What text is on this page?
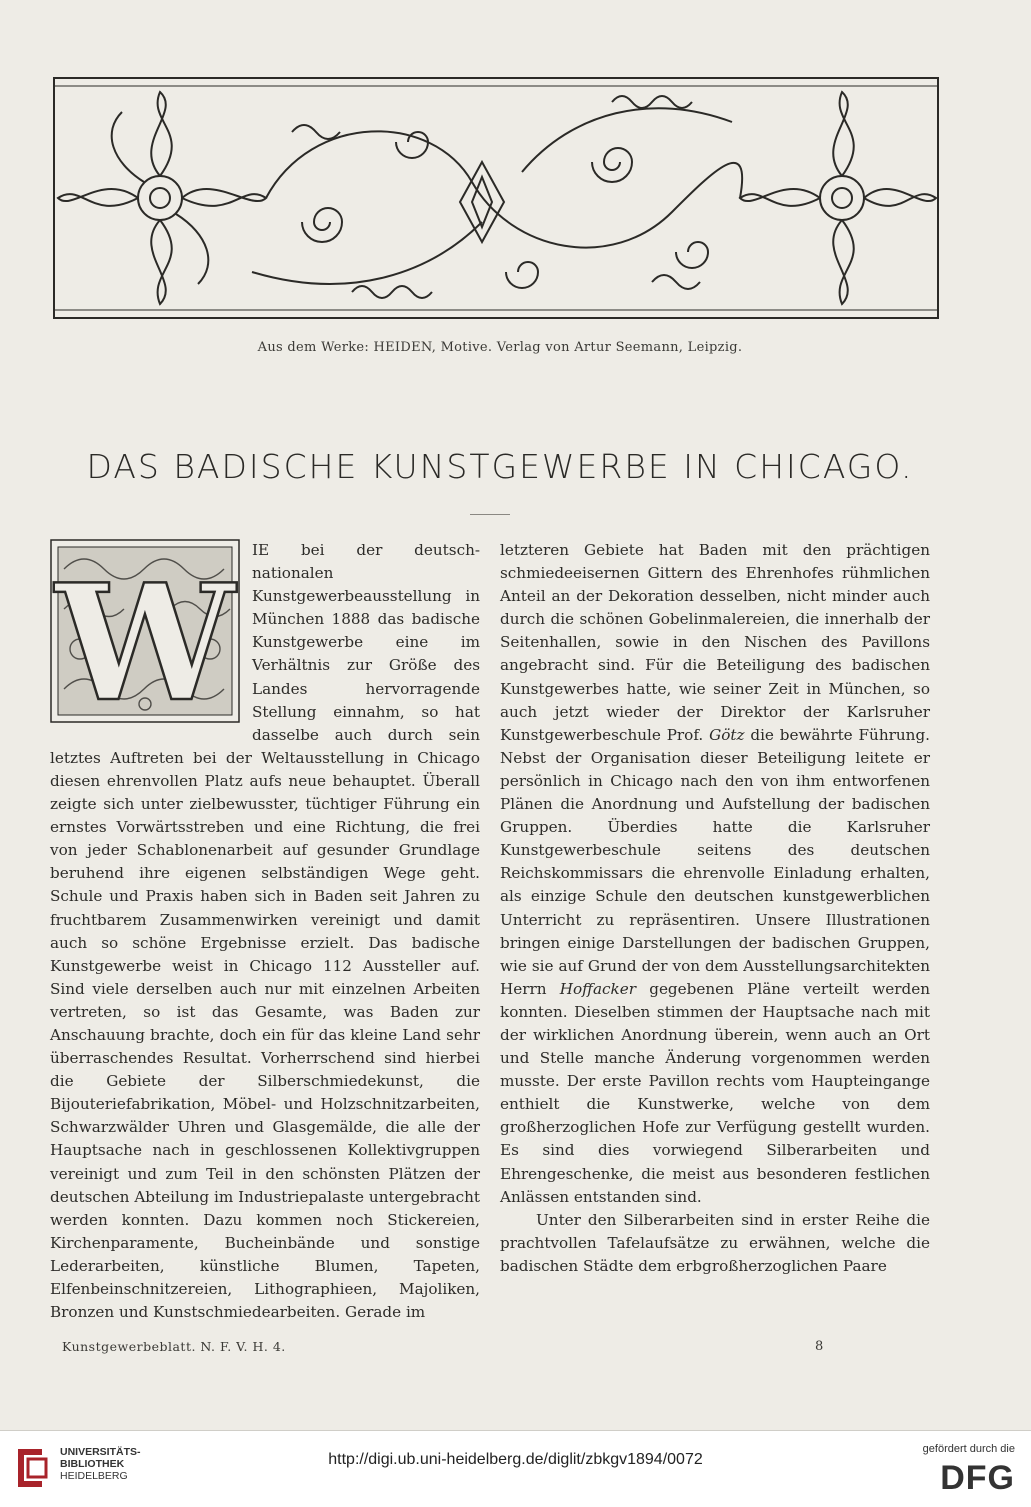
Aus dem Werke: HEIDEN, Motive. Verlag von Artur Seemann, Leipzig.
DAS BADISCHE KUNSTGEWERBE IN CHICAGO.
W	IE bei der deutsch-nationalen Kunstgewerbeausstellung in München 1888 das badische Kunstgewerbe eine im Verhältnis zur Größe des Landes hervorragende Stellung einnahm, so hat dasselbe auch durch sein letztes Auftreten bei der Weltausstellung in Chicago diesen ehrenvollen Platz aufs neue behauptet. Überall zeigte sich unter zielbewusster, tüchtiger Führung ein ernstes Vorwärtsstreben und eine Richtung, die frei von jeder Schablonenarbeit auf gesunder Grundlage beruhend ihre eigenen selbständigen Wege geht. Schule und Praxis haben sich in Baden seit Jahren zu fruchtbarem Zusammenwirken vereinigt und damit auch so schöne Ergebnisse erzielt. Das badische Kunstgewerbe weist in Chicago 112 Aussteller auf. Sind viele derselben auch nur mit einzelnen Arbeiten vertreten, so ist das Gesamte, was Baden zur Anschauung brachte, doch ein für das kleine Land sehr überraschendes Resultat. Vorherrschend sind hierbei die Gebiete der Silberschmiedekunst, die Bijouteriefabrikation, Möbel- und Holzschnitzarbeiten, Schwarzwälder Uhren und Glasgemälde, die alle der Hauptsache nach in geschlossenen Kollektivgruppen vereinigt und zum Teil in den schönsten Plätzen der deutschen Abteilung im Industriepalaste untergebracht werden konnten. Dazu kommen noch Stickereien, Kirchenparamente, Bucheinbände und sonstige Lederarbeiten, künstliche Blumen, Tapeten, Elfenbeinschnitzereien, Lithographieen, Majoliken, Bronzen und Kunstschmiedearbeiten. Gerade im

letzteren Gebiete hat Baden mit den prächtigen schmiedeeisernen Gittern des Ehrenhofes rühmlichen Anteil an der Dekoration desselben, nicht minder auch durch die schönen Gobelinmalereien, die innerhalb der Seitenhallen, sowie in den Nischen des Pavillons angebracht sind. Für die Beteiligung des badischen Kunstgewerbes hatte, wie seiner Zeit in München, so auch jetzt wieder der Direktor der Karlsruher Kunstgewerbeschule Prof. Götz die bewährte Führung. Nebst der Organisation dieser Beteiligung leitete er persönlich in Chicago nach den von ihm entworfenen Plänen die Anordnung und Aufstellung der badischen Gruppen. Überdies hatte die Karlsruher Kunstgewerbeschule seitens des deutschen Reichskommissars die ehrenvolle Einladung erhalten, als einzige Schule den deutschen kunstgewerblichen Unterricht zu repräsentiren. Unsere Illustrationen bringen einige Darstellungen der badischen Gruppen, wie sie auf Grund der von dem Ausstellungsarchitekten Herrn Hoffacker gegebenen Pläne verteilt werden konnten. Dieselben stimmen der Hauptsache nach mit der wirklichen Anordnung überein, wenn auch an Ort und Stelle manche Änderung vorgenommen werden musste. Der erste Pavillon rechts vom Haupteingange enthielt die Kunstwerke, welche von dem großherzoglichen Hofe zur Verfügung gestellt wurden. Es sind dies vorwiegend Silberarbeiten und Ehrengeschenke, die meist aus besonderen festlichen Anlässen entstanden sind.

Unter den Silberarbeiten sind in erster Reihe die prachtvollen Tafelaufsätze zu erwähnen, welche die badischen Städte dem erbgroßherzoglichen Paare

Kunstgewerbeblatt. N. F. V. H. 4.	8
UNIVERSITÄTS-
BIBLIOTHEK
HEIDELBERG
http://digi.ub.uni-heidelberg.de/diglit/zbkgv1894/0072
gefördert durch die
DFG
